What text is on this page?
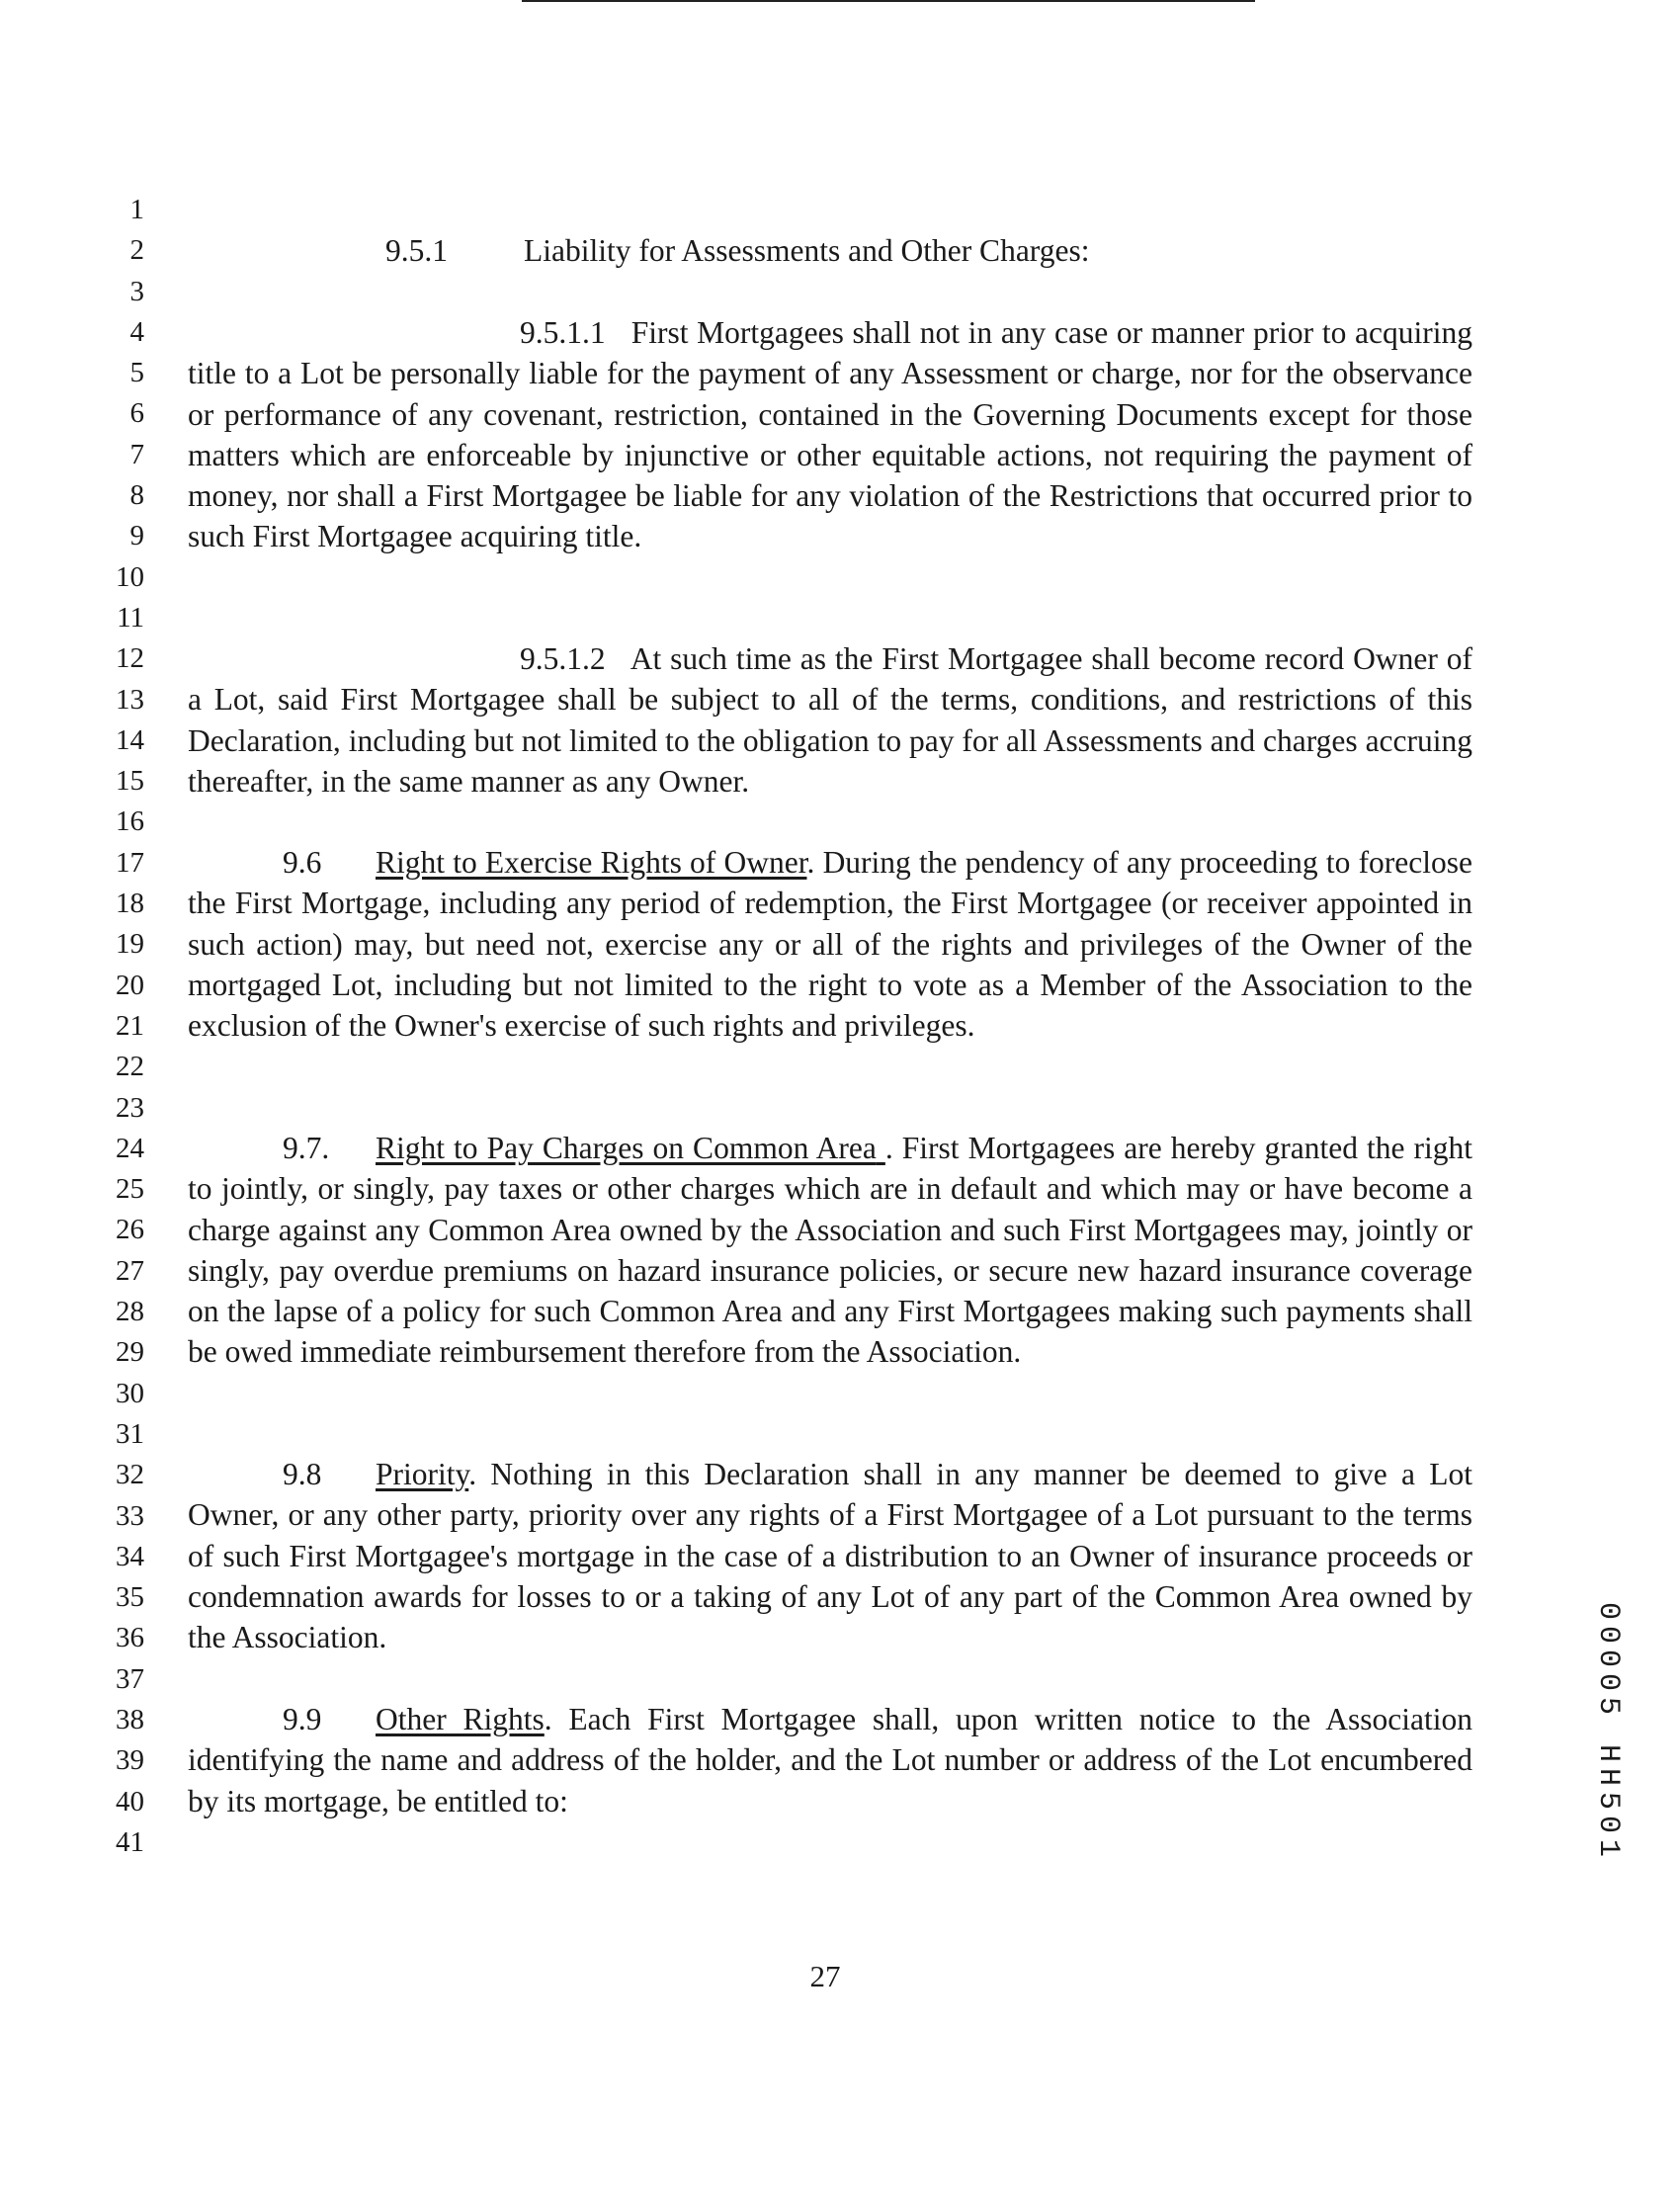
1
2
3
4
5
6
7
8
9
10
11
12
13
14
15
16
17
18
19
20
21
22
23
24
25
26
27
28
29
30
31
32
33
34
35
36
37
38
39
40
41
9.5.1 Liability for Assessments and Other Charges:
9.5.1.1 First Mortgagees shall not in any case or manner prior to acquiring title to a Lot be personally liable for the payment of any Assessment or charge, nor for the observance or performance of any covenant, restriction, contained in the Governing Documents except for those matters which are enforceable by injunctive or other equitable actions, not requiring the payment of money, nor shall a First Mortgagee be liable for any violation of the Restrictions that occurred prior to such First Mortgagee acquiring title.
9.5.1.2 At such time as the First Mortgagee shall become record Owner of a Lot, said First Mortgagee shall be subject to all of the terms, conditions, and restrictions of this Declaration, including but not limited to the obligation to pay for all Assessments and charges accruing thereafter, in the same manner as any Owner.
9.6 Right to Exercise Rights of Owner. During the pendency of any proceeding to foreclose the First Mortgage, including any period of redemption, the First Mortgagee (or receiver appointed in such action) may, but need not, exercise any or all of the rights and privileges of the Owner of the mortgaged Lot, including but not limited to the right to vote as a Member of the Association to the exclusion of the Owner's exercise of such rights and privileges.
9.7. Right to Pay Charges on Common Area . First Mortgagees are hereby granted the right to jointly, or singly, pay taxes or other charges which are in default and which may or have become a charge against any Common Area owned by the Association and such First Mortgagees may, jointly or singly, pay overdue premiums on hazard insurance policies, or secure new hazard insurance coverage on the lapse of a policy for such Common Area and any First Mortgagees making such payments shall be owed immediate reimbursement therefore from the Association.
9.8 Priority. Nothing in this Declaration shall in any manner be deemed to give a Lot Owner, or any other party, priority over any rights of a First Mortgagee of a Lot pursuant to the terms of such First Mortgagee's mortgage in the case of a distribution to an Owner of insurance proceeds or condemnation awards for losses to or a taking of any Lot of any part of the Common Area owned by the Association.
9.9 Other Rights. Each First Mortgagee shall, upon written notice to the Association identifying the name and address of the holder, and the Lot number or address of the Lot encumbered by its mortgage, be entitled to:
27
00005 HH501
